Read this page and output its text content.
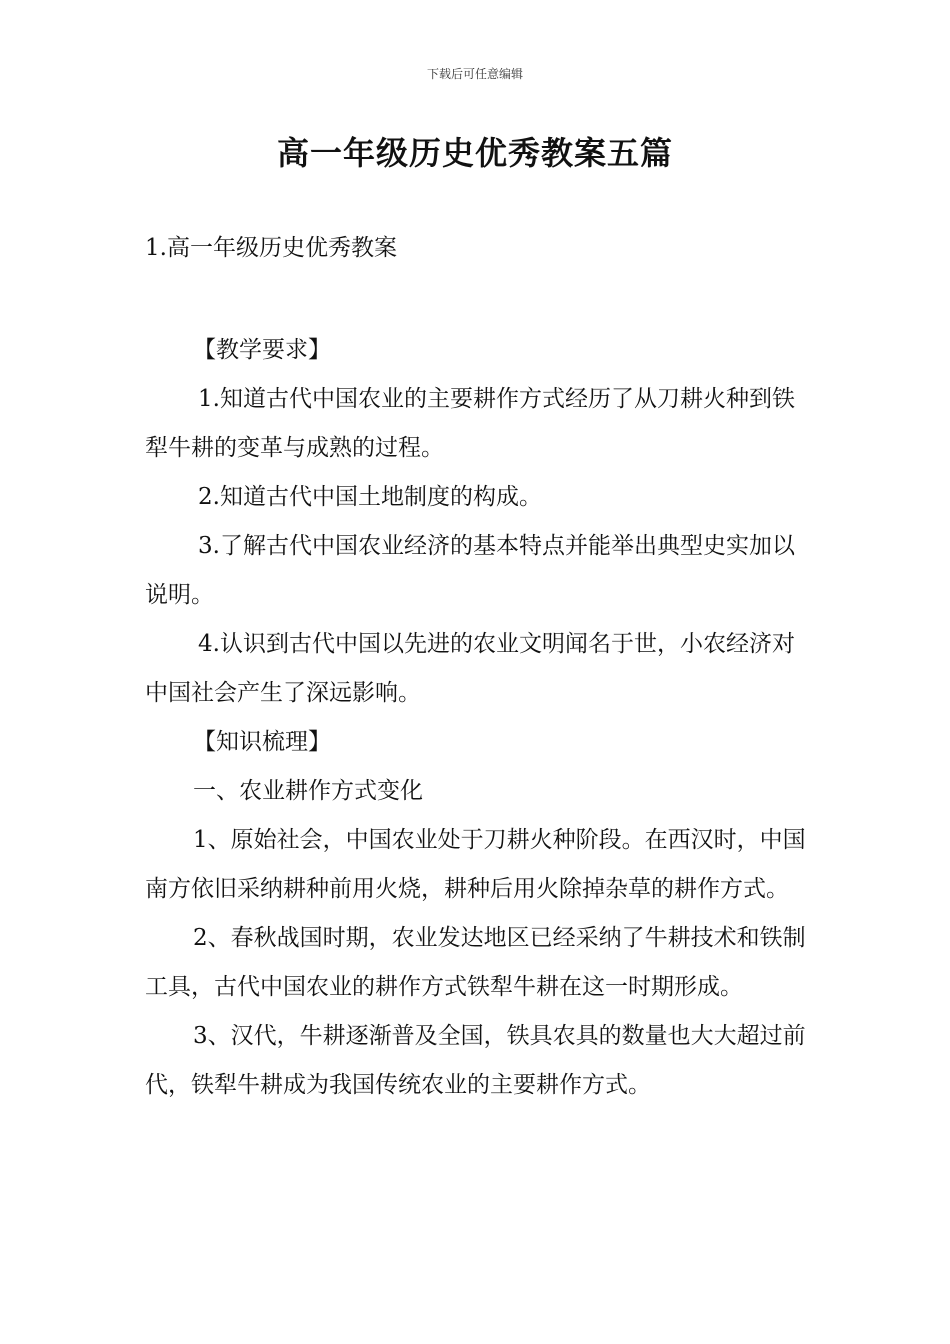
下载后可任意编辑
高一年级历史优秀教案五篇
1.高一年级历史优秀教案

【教学要求】

1.知道古代中国农业的主要耕作方式经历了从刀耕火种到铁犁牛耕的变革与成熟的过程。

2.知道古代中国土地制度的构成。

3.了解古代中国农业经济的基本特点并能举出典型史实加以说明。

4.认识到古代中国以先进的农业文明闻名于世，小农经济对中国社会产生了深远影响。

【知识梳理】

一、农业耕作方式变化

1、原始社会，中国农业处于刀耕火种阶段。在西汉时，中国南方依旧采纳耕种前用火烧，耕种后用火除掉杂草的耕作方式。

2、春秋战国时期，农业发达地区已经采纳了牛耕技术和铁制工具，古代中国农业的耕作方式铁犁牛耕在这一时期形成。

3、汉代，牛耕逐渐普及全国，铁具农具的数量也大大超过前代，铁犁牛耕成为我国传统农业的主要耕作方式。
